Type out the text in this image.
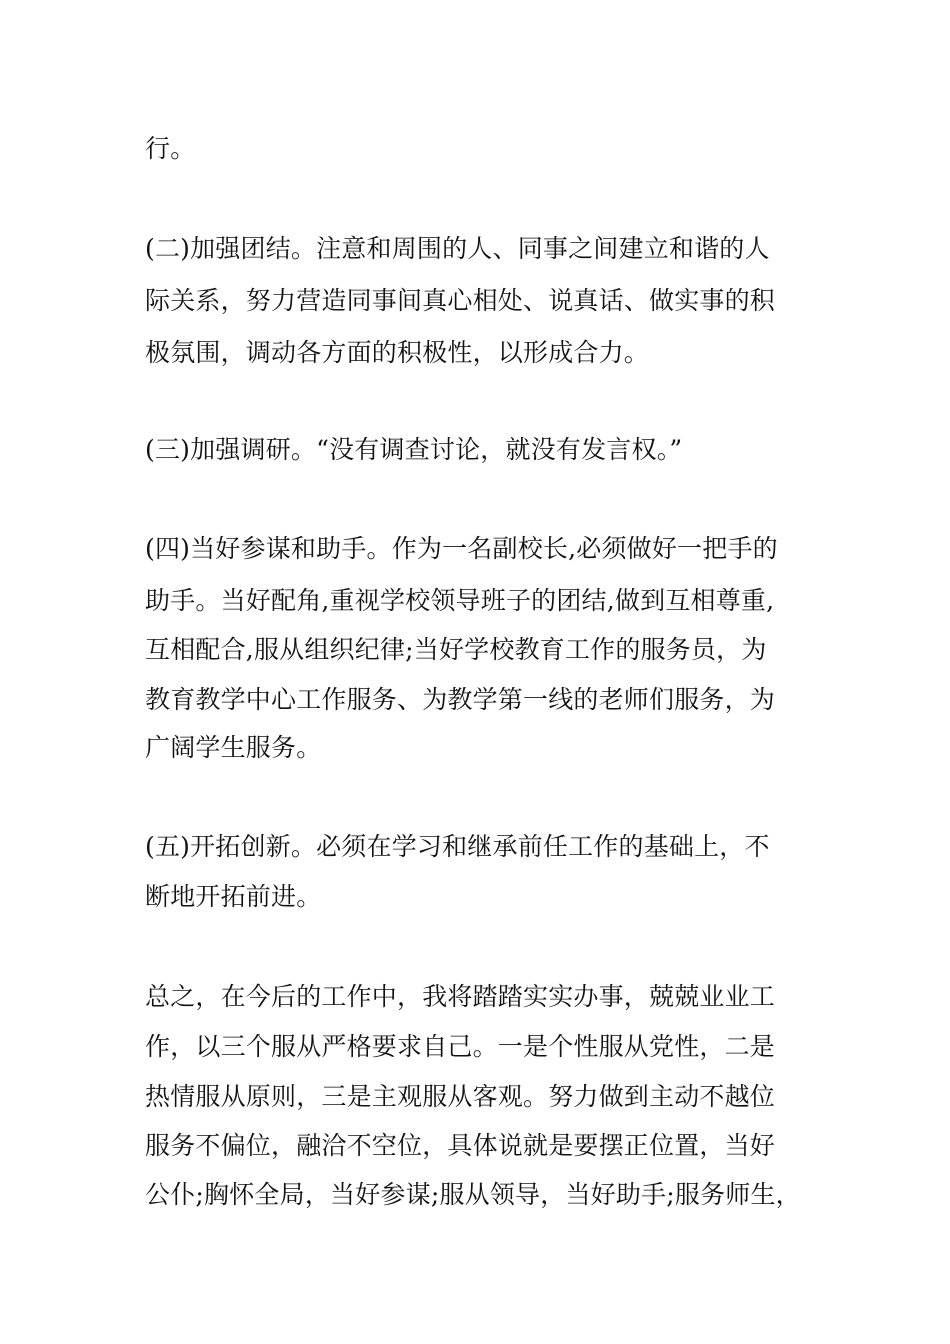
行。
(二)加强团结。注意和周围的人、同事之间建立和谐的人
际关系，努力营造同事间真心相处、说真话、做实事的积
极氛围，调动各方面的积极性，以形成合力。
(三)加强调研。“没有调查讨论，就没有发言权。”
(四)当好参谋和助手。作为一名副校长,必须做好一把手的
助手。当好配角,重视学校领导班子的团结,做到互相尊重,
互相配合,服从组织纪律;当好学校教育工作的服务员，为
教育教学中心工作服务、为教学第一线的老师们服务，为
广阔学生服务。
(五)开拓创新。必须在学习和继承前任工作的基础上，不
断地开拓前进。
总之，在今后的工作中，我将踏踏实实办事，兢兢业业工
作，以三个服从严格要求自己。一是个性服从党性，二是
热情服从原则，三是主观服从客观。努力做到主动不越位
服务不偏位，融洽不空位，具体说就是要摆正位置，当好
公仆;胸怀全局，当好参谋;服从领导，当好助手;服务师生，
